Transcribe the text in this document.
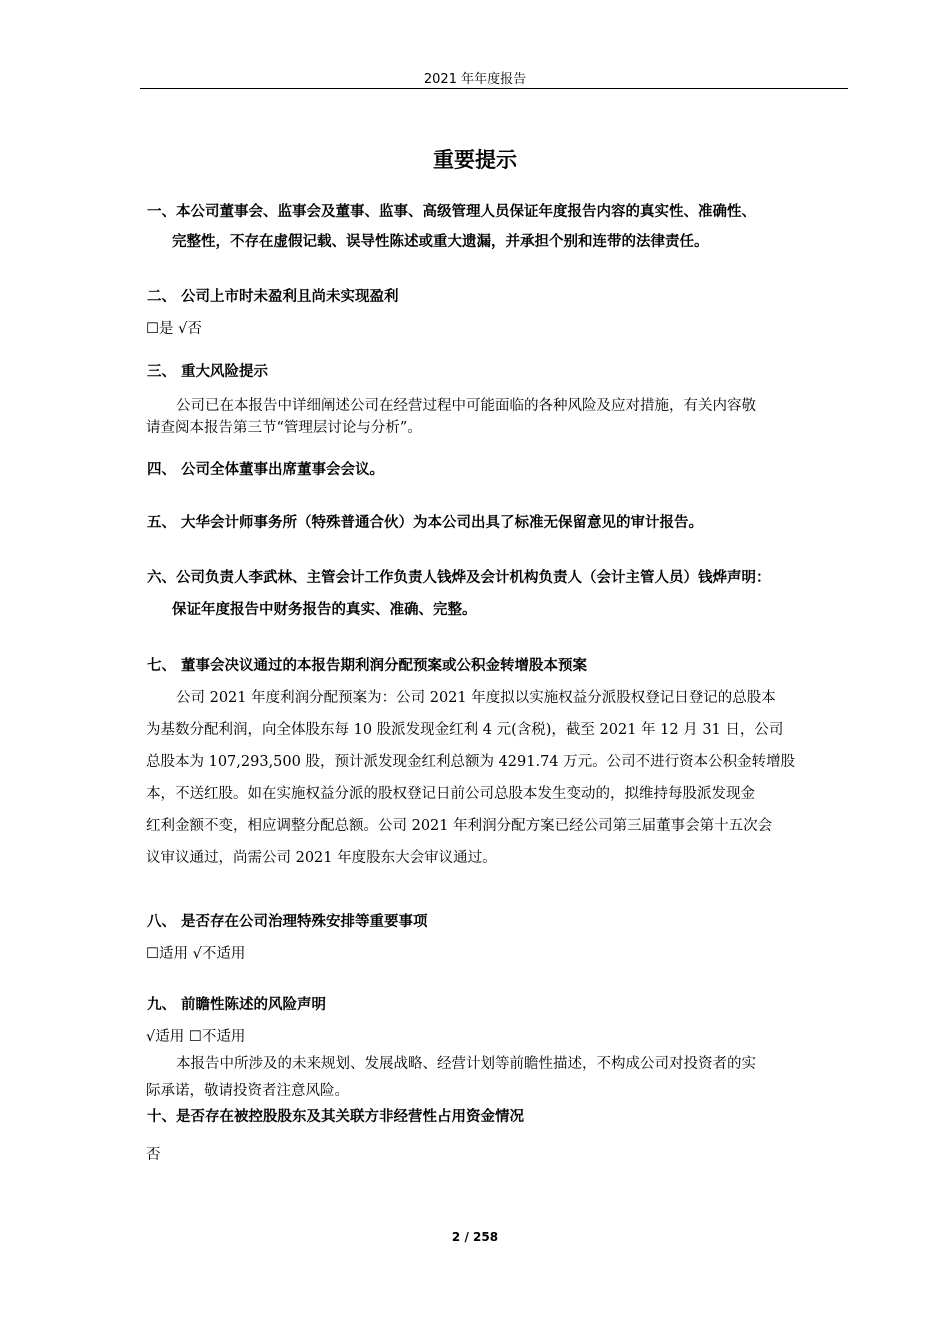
2021 年年度报告
重要提示
一、本公司董事会、监事会及董事、监事、高级管理人员保证年度报告内容的真实性、准确性、
完整性，不存在虚假记载、误导性陈述或重大遗漏，并承担个别和连带的法律责任。
二、 公司上市时未盈利且尚未实现盈利
☐是 √否
三、 重大风险提示
公司已在本报告中详细阐述公司在经营过程中可能面临的各种风险及应对措施，有关内容敬
请查阅本报告第三节“管理层讨论与分析”。
四、 公司全体董事出席董事会会议。
五、 大华会计师事务所（特殊普通合伙）为本公司出具了标准无保留意见的审计报告。
六、公司负责人李武林、主管会计工作负责人钱烨及会计机构负责人（会计主管人员）钱烨声明：
保证年度报告中财务报告的真实、准确、完整。
七、 董事会决议通过的本报告期利润分配预案或公积金转增股本预案
公司 2021 年度利润分配预案为：公司 2021 年度拟以实施权益分派股权登记日登记的总股本
为基数分配利润，向全体股东每 10 股派发现金红利 4 元(含税)，截至 2021 年 12 月 31 日，公司
总股本为 107,293,500 股，预计派发现金红利总额为 4291.74 万元。公司不进行资本公积金转增股
本，不送红股。如在实施权益分派的股权登记日前公司总股本发生变动的，拟维持每股派发现金
红利金额不变，相应调整分配总额。公司 2021 年利润分配方案已经公司第三届董事会第十五次会
议审议通过，尚需公司 2021 年度股东大会审议通过。
八、 是否存在公司治理特殊安排等重要事项
☐适用 √不适用
九、 前瞻性陈述的风险声明
√适用 ☐不适用
本报告中所涉及的未来规划、发展战略、经营计划等前瞻性描述，不构成公司对投资者的实
际承诺，敬请投资者注意风险。
十、是否存在被控股股东及其关联方非经营性占用资金情况
否
2 / 258
